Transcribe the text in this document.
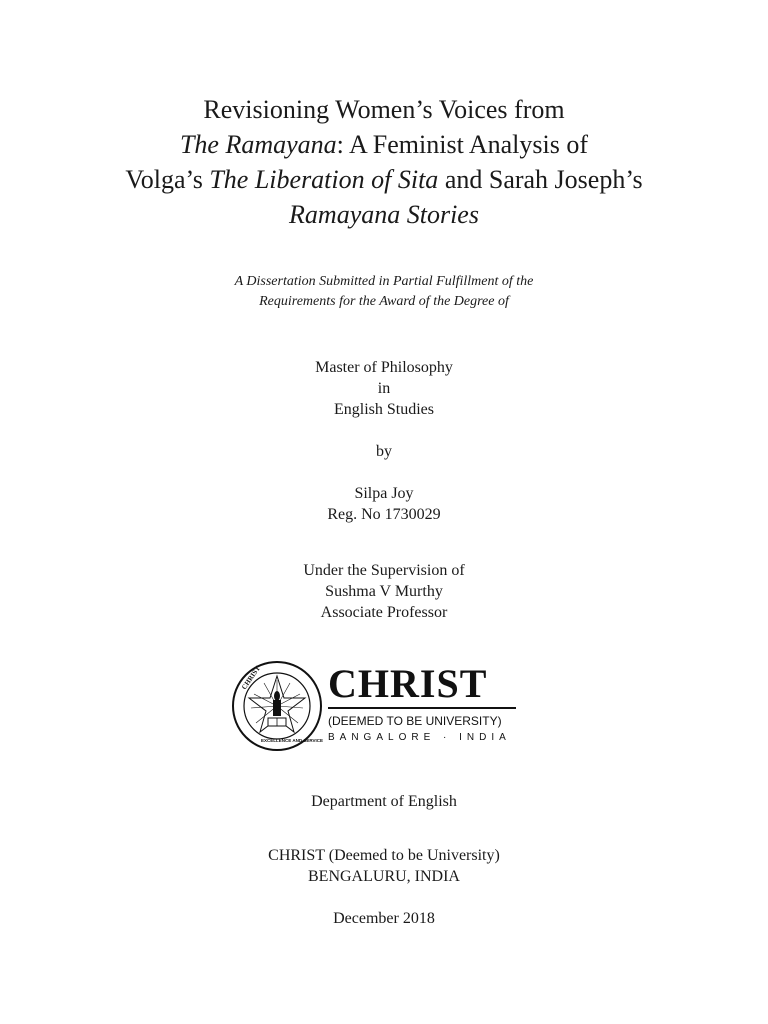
Revisioning Women’s Voices from
The Ramayana: A Feminist Analysis of
Volga’s The Liberation of Sita and Sarah Joseph’s
Ramayana Stories
A Dissertation Submitted in Partial Fulfillment of the
Requirements for the Award of the Degree of
Master of Philosophy
in
English Studies
by
Silpa Joy
Reg. No 1730029
Under the Supervision of
Sushma V Murthy
Associate Professor
CHRIST
EXCELLENCE AND SERVICE
CHRIST
(DEEMED TO BE UNIVERSITY)
BANGALORE · INDIA
Department of English
CHRIST (Deemed to be University)
BENGALURU, INDIA
December 2018
